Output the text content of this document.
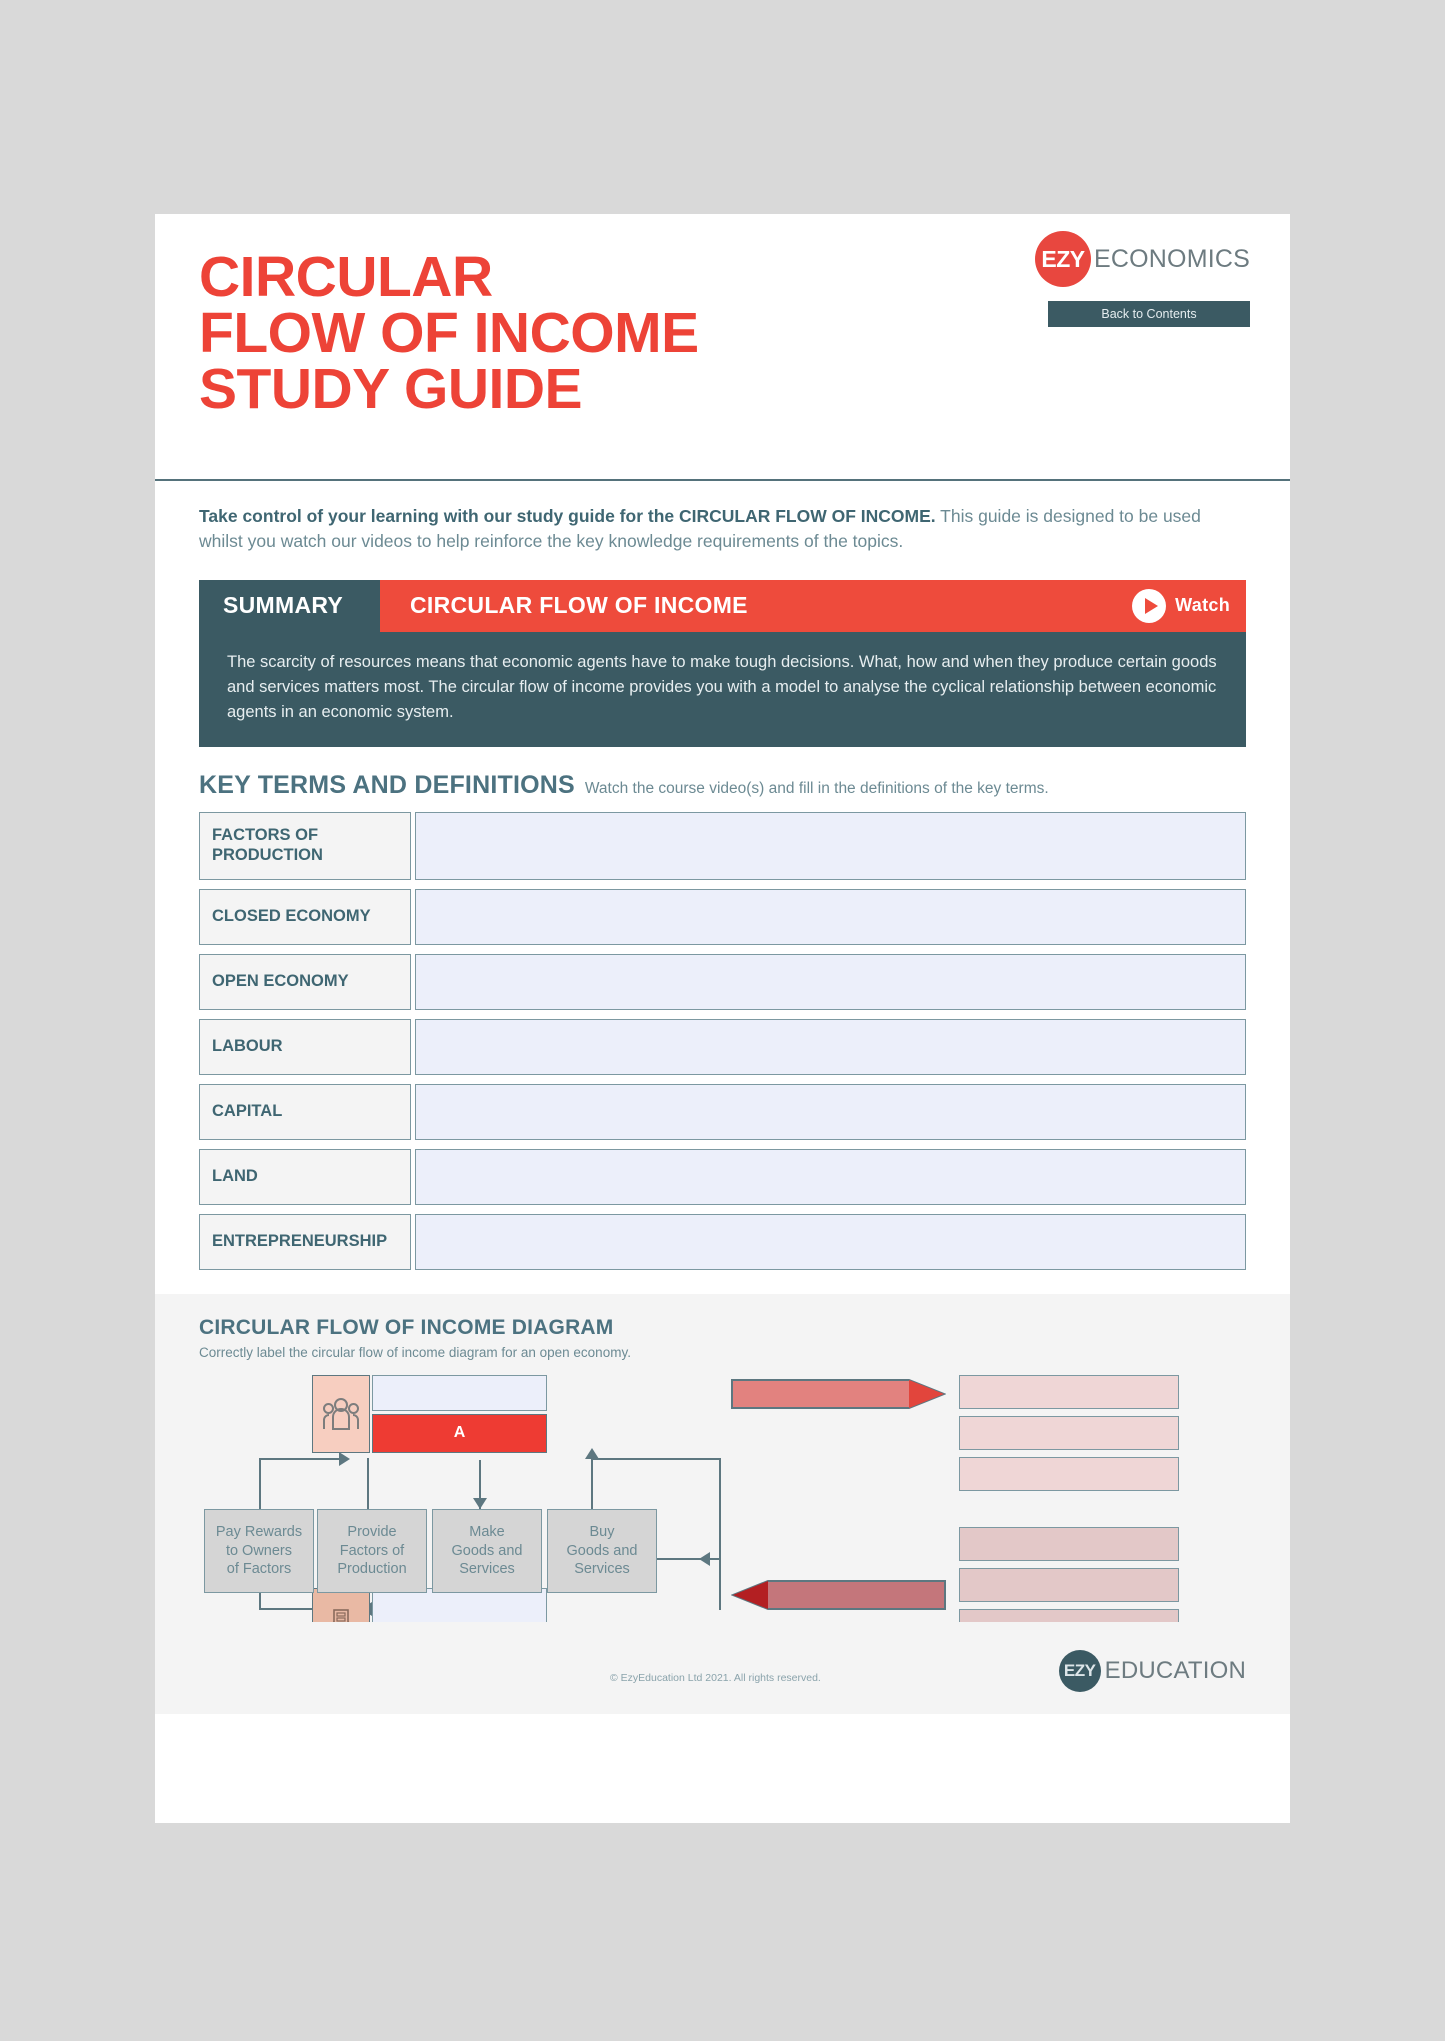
CIRCULAR
FLOW OF INCOME
STUDY GUIDE
EZY ECONOMICS
Back to Contents
Take control of your learning with our study guide for the CIRCULAR FLOW OF INCOME. This guide is designed to be used whilst you watch our videos to help reinforce the key knowledge requirements of the topics.
SUMMARY	CIRCULAR FLOW OF INCOME	Watch
The scarcity of resources means that economic agents have to make tough decisions. What, how and when they produce certain goods and services matters most. The circular flow of income provides you with a model to analyse the cyclical relationship between economic agents in an economic system.
KEY TERMS AND DEFINITIONS Watch the course video(s) and fill in the definitions of the key terms.
FACTORS OF
PRODUCTION
CLOSED ECONOMY
OPEN ECONOMY
LABOUR
CAPITAL
LAND
ENTREPRENEURSHIP
CIRCULAR FLOW OF INCOME DIAGRAM
Correctly label the circular flow of income diagram for an open economy.
A
Pay Rewards
to Owners
of Factors
Provide
Factors of
Production
Make
Goods and
Services
Buy
Goods and
Services
© EzyEducation Ltd 2021. All rights reserved.	EZY EDUCATION
